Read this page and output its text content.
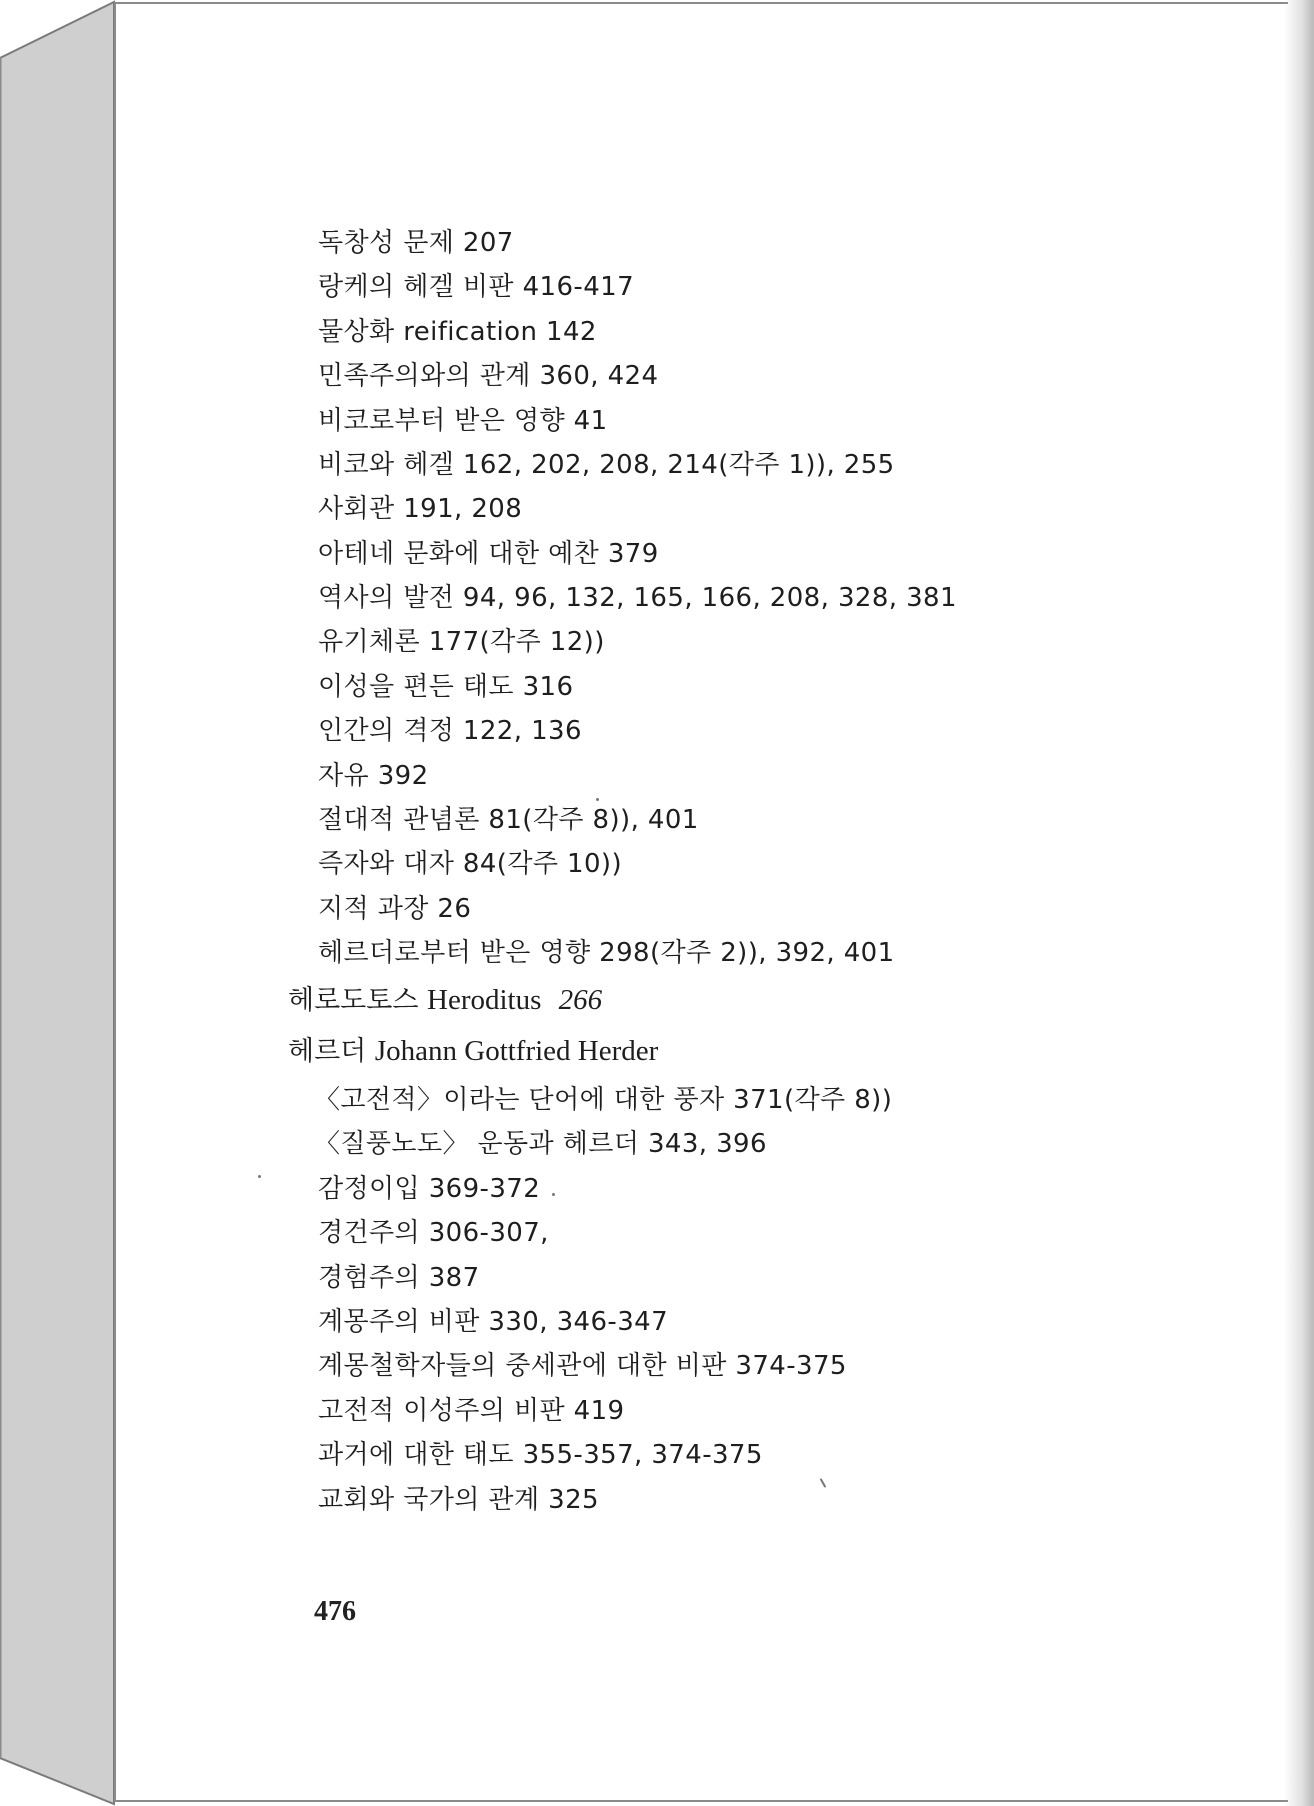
독창성 문제 207
랑케의 헤겔 비판 416-417
물상화 reification 142
민족주의와의 관계 360, 424
비코로부터 받은 영향 41
비코와 헤겔 162, 202, 208, 214(각주 1)), 255
사회관 191, 208
아테네 문화에 대한 예찬 379
역사의 발전 94, 96, 132, 165, 166, 208, 328, 381
유기체론 177(각주 12))
이성을 편든 태도 316
인간의 격정 122, 136
자유 392
절대적 관념론 81(각주 8)), 401
즉자와 대자 84(각주 10))
지적 과장 26
헤르더로부터 받은 영향 298(각주 2)), 392, 401
헤로도토스 Heroditus 266
헤르더 Johann Gottfried Herder
〈고전적〉이라는 단어에 대한 풍자 371(각주 8))
〈질풍노도〉 운동과 헤르더 343, 396
감정이입 369-372
경건주의 306-307,
경험주의 387
계몽주의 비판 330, 346-347
계몽철학자들의 중세관에 대한 비판 374-375
고전적 이성주의 비판 419
과거에 대한 태도 355-357, 374-375
교회와 국가의 관계 325
476
